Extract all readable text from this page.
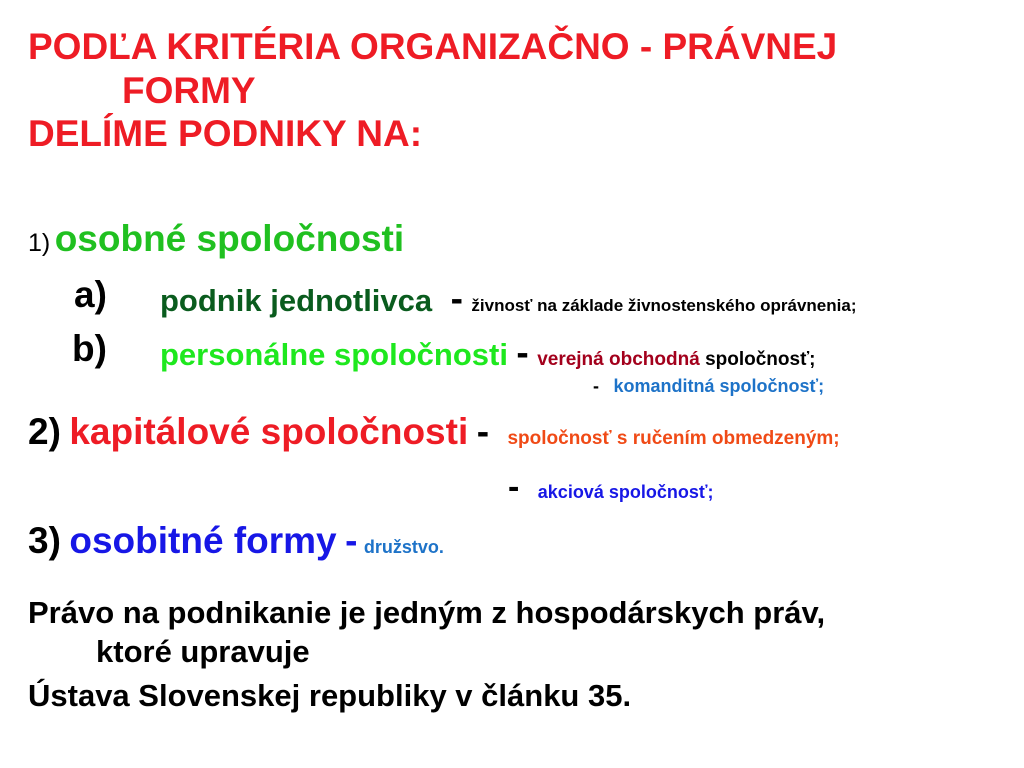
PODĽA KRITÉRIA ORGANIZAČNO - PRÁVNEJ
FORMY
DELÍME PODNIKY NA:
1) osobné spoločnosti
a) podnik jednotlivca - živnosť na základe živnostenského oprávnenia;
b) personálne spoločnosti - verejná obchodná spoločnosť;
- komanditná spoločnosť;
2) kapitálové spoločnosti - spoločnosť s ručením obmedzeným;
- akciová spoločnosť;
3) osobitné formy - družstvo.
Právo na podnikanie je jedným z hospodárskych práv,
ktoré upravuje
Ústava Slovenskej republiky v článku 35.
